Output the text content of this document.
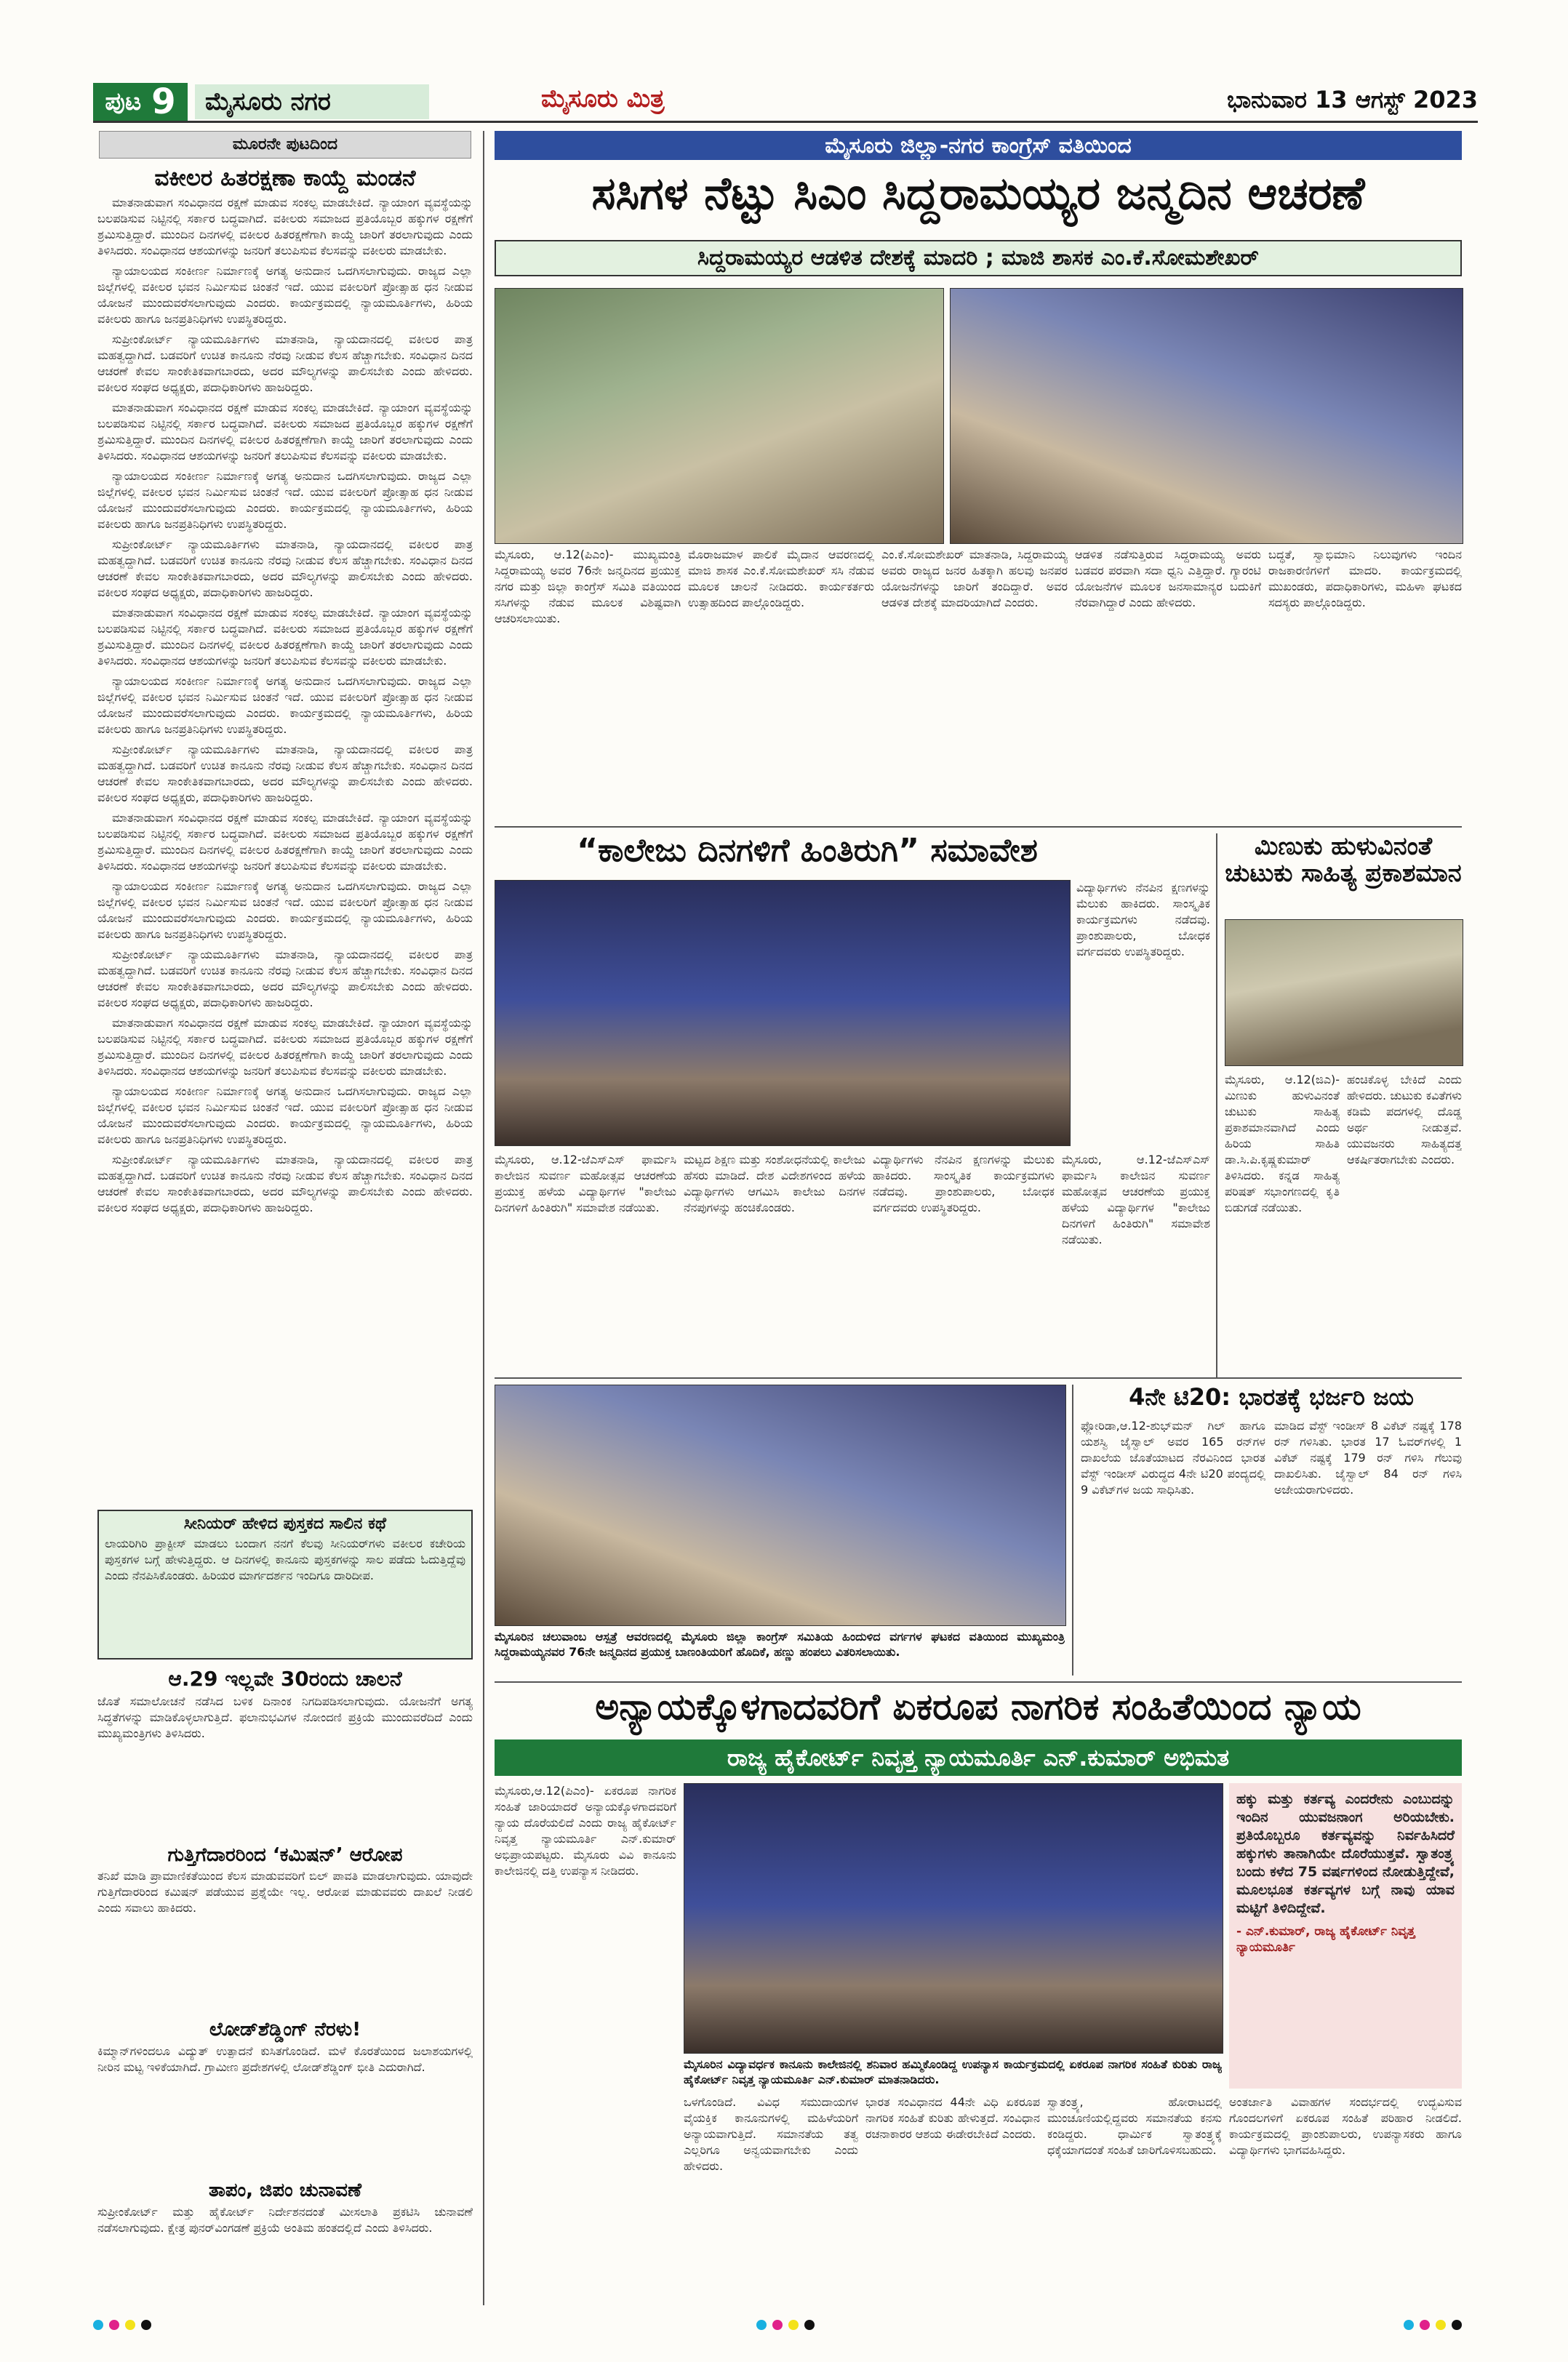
ಪುಟ 9	ಮೈಸೂರು ನಗರ	ಮೈಸೂರು ಮಿತ್ರ	ಭಾನುವಾರ 13 ಆಗಸ್ಟ್ 2023
ಮೂರನೇ ಪುಟದಿಂದ
ವಕೀಲರ ಹಿತರಕ್ಷಣಾ ಕಾಯ್ದೆ ಮಂಡನೆ

ಮಾತನಾಡುವಾಗ ಸಂವಿಧಾನದ ರಕ್ಷಣೆ ಮಾಡುವ ಸಂಕಲ್ಪ ಮಾಡಬೇಕಿದೆ. ನ್ಯಾಯಾಂಗ ವ್ಯವಸ್ಥೆಯನ್ನು ಬಲಪಡಿಸುವ ನಿಟ್ಟಿನಲ್ಲಿ ಸರ್ಕಾರ ಬದ್ಧವಾಗಿದೆ. ವಕೀಲರು ಸಮಾಜದ ಪ್ರತಿಯೊಬ್ಬರ ಹಕ್ಕುಗಳ ರಕ್ಷಣೆಗೆ ಶ್ರಮಿಸುತ್ತಿದ್ದಾರೆ. ಮುಂದಿನ ದಿನಗಳಲ್ಲಿ ವಕೀಲರ ಹಿತರಕ್ಷಣೆಗಾಗಿ ಕಾಯ್ದೆ ಜಾರಿಗೆ ತರಲಾಗುವುದು ಎಂದು ತಿಳಿಸಿದರು. ಸಂವಿಧಾನದ ಆಶಯಗಳನ್ನು ಜನರಿಗೆ ತಲುಪಿಸುವ ಕೆಲಸವನ್ನು ವಕೀಲರು ಮಾಡಬೇಕು.

ನ್ಯಾಯಾಲಯದ ಸಂಕೀರ್ಣ ನಿರ್ಮಾಣಕ್ಕೆ ಅಗತ್ಯ ಅನುದಾನ ಒದಗಿಸಲಾಗುವುದು. ರಾಜ್ಯದ ಎಲ್ಲಾ ಜಿಲ್ಲೆಗಳಲ್ಲಿ ವಕೀಲರ ಭವನ ನಿರ್ಮಿಸುವ ಚಿಂತನೆ ಇದೆ. ಯುವ ವಕೀಲರಿಗೆ ಪ್ರೋತ್ಸಾಹ ಧನ ನೀಡುವ ಯೋಜನೆ ಮುಂದುವರೆಸಲಾಗುವುದು ಎಂದರು. ಕಾರ್ಯಕ್ರಮದಲ್ಲಿ ನ್ಯಾಯಮೂರ್ತಿಗಳು, ಹಿರಿಯ ವಕೀಲರು ಹಾಗೂ ಜನಪ್ರತಿನಿಧಿಗಳು ಉಪಸ್ಥಿತರಿದ್ದರು.

ಸುಪ್ರೀಂಕೋರ್ಟ್ ನ್ಯಾಯಮೂರ್ತಿಗಳು ಮಾತನಾಡಿ, ನ್ಯಾಯದಾನದಲ್ಲಿ ವಕೀಲರ ಪಾತ್ರ ಮಹತ್ವದ್ದಾಗಿದೆ. ಬಡವರಿಗೆ ಉಚಿತ ಕಾನೂನು ನೆರವು ನೀಡುವ ಕೆಲಸ ಹೆಚ್ಚಾಗಬೇಕು. ಸಂವಿಧಾನ ದಿನದ ಆಚರಣೆ ಕೇವಲ ಸಾಂಕೇತಿಕವಾಗಬಾರದು, ಅದರ ಮೌಲ್ಯಗಳನ್ನು ಪಾಲಿಸಬೇಕು ಎಂದು ಹೇಳಿದರು. ವಕೀಲರ ಸಂಘದ ಅಧ್ಯಕ್ಷರು, ಪದಾಧಿಕಾರಿಗಳು ಹಾಜರಿದ್ದರು.

ಮಾತನಾಡುವಾಗ ಸಂವಿಧಾನದ ರಕ್ಷಣೆ ಮಾಡುವ ಸಂಕಲ್ಪ ಮಾಡಬೇಕಿದೆ. ನ್ಯಾಯಾಂಗ ವ್ಯವಸ್ಥೆಯನ್ನು ಬಲಪಡಿಸುವ ನಿಟ್ಟಿನಲ್ಲಿ ಸರ್ಕಾರ ಬದ್ಧವಾಗಿದೆ. ವಕೀಲರು ಸಮಾಜದ ಪ್ರತಿಯೊಬ್ಬರ ಹಕ್ಕುಗಳ ರಕ್ಷಣೆಗೆ ಶ್ರಮಿಸುತ್ತಿದ್ದಾರೆ. ಮುಂದಿನ ದಿನಗಳಲ್ಲಿ ವಕೀಲರ ಹಿತರಕ್ಷಣೆಗಾಗಿ ಕಾಯ್ದೆ ಜಾರಿಗೆ ತರಲಾಗುವುದು ಎಂದು ತಿಳಿಸಿದರು. ಸಂವಿಧಾನದ ಆಶಯಗಳನ್ನು ಜನರಿಗೆ ತಲುಪಿಸುವ ಕೆಲಸವನ್ನು ವಕೀಲರು ಮಾಡಬೇಕು.

ನ್ಯಾಯಾಲಯದ ಸಂಕೀರ್ಣ ನಿರ್ಮಾಣಕ್ಕೆ ಅಗತ್ಯ ಅನುದಾನ ಒದಗಿಸಲಾಗುವುದು. ರಾಜ್ಯದ ಎಲ್ಲಾ ಜಿಲ್ಲೆಗಳಲ್ಲಿ ವಕೀಲರ ಭವನ ನಿರ್ಮಿಸುವ ಚಿಂತನೆ ಇದೆ. ಯುವ ವಕೀಲರಿಗೆ ಪ್ರೋತ್ಸಾಹ ಧನ ನೀಡುವ ಯೋಜನೆ ಮುಂದುವರೆಸಲಾಗುವುದು ಎಂದರು. ಕಾರ್ಯಕ್ರಮದಲ್ಲಿ ನ್ಯಾಯಮೂರ್ತಿಗಳು, ಹಿರಿಯ ವಕೀಲರು ಹಾಗೂ ಜನಪ್ರತಿನಿಧಿಗಳು ಉಪಸ್ಥಿತರಿದ್ದರು.

ಸುಪ್ರೀಂಕೋರ್ಟ್ ನ್ಯಾಯಮೂರ್ತಿಗಳು ಮಾತನಾಡಿ, ನ್ಯಾಯದಾನದಲ್ಲಿ ವಕೀಲರ ಪಾತ್ರ ಮಹತ್ವದ್ದಾಗಿದೆ. ಬಡವರಿಗೆ ಉಚಿತ ಕಾನೂನು ನೆರವು ನೀಡುವ ಕೆಲಸ ಹೆಚ್ಚಾಗಬೇಕು. ಸಂವಿಧಾನ ದಿನದ ಆಚರಣೆ ಕೇವಲ ಸಾಂಕೇತಿಕವಾಗಬಾರದು, ಅದರ ಮೌಲ್ಯಗಳನ್ನು ಪಾಲಿಸಬೇಕು ಎಂದು ಹೇಳಿದರು. ವಕೀಲರ ಸಂಘದ ಅಧ್ಯಕ್ಷರು, ಪದಾಧಿಕಾರಿಗಳು ಹಾಜರಿದ್ದರು.

ಮಾತನಾಡುವಾಗ ಸಂವಿಧಾನದ ರಕ್ಷಣೆ ಮಾಡುವ ಸಂಕಲ್ಪ ಮಾಡಬೇಕಿದೆ. ನ್ಯಾಯಾಂಗ ವ್ಯವಸ್ಥೆಯನ್ನು ಬಲಪಡಿಸುವ ನಿಟ್ಟಿನಲ್ಲಿ ಸರ್ಕಾರ ಬದ್ಧವಾಗಿದೆ. ವಕೀಲರು ಸಮಾಜದ ಪ್ರತಿಯೊಬ್ಬರ ಹಕ್ಕುಗಳ ರಕ್ಷಣೆಗೆ ಶ್ರಮಿಸುತ್ತಿದ್ದಾರೆ. ಮುಂದಿನ ದಿನಗಳಲ್ಲಿ ವಕೀಲರ ಹಿತರಕ್ಷಣೆಗಾಗಿ ಕಾಯ್ದೆ ಜಾರಿಗೆ ತರಲಾಗುವುದು ಎಂದು ತಿಳಿಸಿದರು. ಸಂವಿಧಾನದ ಆಶಯಗಳನ್ನು ಜನರಿಗೆ ತಲುಪಿಸುವ ಕೆಲಸವನ್ನು ವಕೀಲರು ಮಾಡಬೇಕು.

ನ್ಯಾಯಾಲಯದ ಸಂಕೀರ್ಣ ನಿರ್ಮಾಣಕ್ಕೆ ಅಗತ್ಯ ಅನುದಾನ ಒದಗಿಸಲಾಗುವುದು. ರಾಜ್ಯದ ಎಲ್ಲಾ ಜಿಲ್ಲೆಗಳಲ್ಲಿ ವಕೀಲರ ಭವನ ನಿರ್ಮಿಸುವ ಚಿಂತನೆ ಇದೆ. ಯುವ ವಕೀಲರಿಗೆ ಪ್ರೋತ್ಸಾಹ ಧನ ನೀಡುವ ಯೋಜನೆ ಮುಂದುವರೆಸಲಾಗುವುದು ಎಂದರು. ಕಾರ್ಯಕ್ರಮದಲ್ಲಿ ನ್ಯಾಯಮೂರ್ತಿಗಳು, ಹಿರಿಯ ವಕೀಲರು ಹಾಗೂ ಜನಪ್ರತಿನಿಧಿಗಳು ಉಪಸ್ಥಿತರಿದ್ದರು.

ಸುಪ್ರೀಂಕೋರ್ಟ್ ನ್ಯಾಯಮೂರ್ತಿಗಳು ಮಾತನಾಡಿ, ನ್ಯಾಯದಾನದಲ್ಲಿ ವಕೀಲರ ಪಾತ್ರ ಮಹತ್ವದ್ದಾಗಿದೆ. ಬಡವರಿಗೆ ಉಚಿತ ಕಾನೂನು ನೆರವು ನೀಡುವ ಕೆಲಸ ಹೆಚ್ಚಾಗಬೇಕು. ಸಂವಿಧಾನ ದಿನದ ಆಚರಣೆ ಕೇವಲ ಸಾಂಕೇತಿಕವಾಗಬಾರದು, ಅದರ ಮೌಲ್ಯಗಳನ್ನು ಪಾಲಿಸಬೇಕು ಎಂದು ಹೇಳಿದರು. ವಕೀಲರ ಸಂಘದ ಅಧ್ಯಕ್ಷರು, ಪದಾಧಿಕಾರಿಗಳು ಹಾಜರಿದ್ದರು.

ಮಾತನಾಡುವಾಗ ಸಂವಿಧಾನದ ರಕ್ಷಣೆ ಮಾಡುವ ಸಂಕಲ್ಪ ಮಾಡಬೇಕಿದೆ. ನ್ಯಾಯಾಂಗ ವ್ಯವಸ್ಥೆಯನ್ನು ಬಲಪಡಿಸುವ ನಿಟ್ಟಿನಲ್ಲಿ ಸರ್ಕಾರ ಬದ್ಧವಾಗಿದೆ. ವಕೀಲರು ಸಮಾಜದ ಪ್ರತಿಯೊಬ್ಬರ ಹಕ್ಕುಗಳ ರಕ್ಷಣೆಗೆ ಶ್ರಮಿಸುತ್ತಿದ್ದಾರೆ. ಮುಂದಿನ ದಿನಗಳಲ್ಲಿ ವಕೀಲರ ಹಿತರಕ್ಷಣೆಗಾಗಿ ಕಾಯ್ದೆ ಜಾರಿಗೆ ತರಲಾಗುವುದು ಎಂದು ತಿಳಿಸಿದರು. ಸಂವಿಧಾನದ ಆಶಯಗಳನ್ನು ಜನರಿಗೆ ತಲುಪಿಸುವ ಕೆಲಸವನ್ನು ವಕೀಲರು ಮಾಡಬೇಕು.

ನ್ಯಾಯಾಲಯದ ಸಂಕೀರ್ಣ ನಿರ್ಮಾಣಕ್ಕೆ ಅಗತ್ಯ ಅನುದಾನ ಒದಗಿಸಲಾಗುವುದು. ರಾಜ್ಯದ ಎಲ್ಲಾ ಜಿಲ್ಲೆಗಳಲ್ಲಿ ವಕೀಲರ ಭವನ ನಿರ್ಮಿಸುವ ಚಿಂತನೆ ಇದೆ. ಯುವ ವಕೀಲರಿಗೆ ಪ್ರೋತ್ಸಾಹ ಧನ ನೀಡುವ ಯೋಜನೆ ಮುಂದುವರೆಸಲಾಗುವುದು ಎಂದರು. ಕಾರ್ಯಕ್ರಮದಲ್ಲಿ ನ್ಯಾಯಮೂರ್ತಿಗಳು, ಹಿರಿಯ ವಕೀಲರು ಹಾಗೂ ಜನಪ್ರತಿನಿಧಿಗಳು ಉಪಸ್ಥಿತರಿದ್ದರು.

ಸುಪ್ರೀಂಕೋರ್ಟ್ ನ್ಯಾಯಮೂರ್ತಿಗಳು ಮಾತನಾಡಿ, ನ್ಯಾಯದಾನದಲ್ಲಿ ವಕೀಲರ ಪಾತ್ರ ಮಹತ್ವದ್ದಾಗಿದೆ. ಬಡವರಿಗೆ ಉಚಿತ ಕಾನೂನು ನೆರವು ನೀಡುವ ಕೆಲಸ ಹೆಚ್ಚಾಗಬೇಕು. ಸಂವಿಧಾನ ದಿನದ ಆಚರಣೆ ಕೇವಲ ಸಾಂಕೇತಿಕವಾಗಬಾರದು, ಅದರ ಮೌಲ್ಯಗಳನ್ನು ಪಾಲಿಸಬೇಕು ಎಂದು ಹೇಳಿದರು. ವಕೀಲರ ಸಂಘದ ಅಧ್ಯಕ್ಷರು, ಪದಾಧಿಕಾರಿಗಳು ಹಾಜರಿದ್ದರು.

ಮಾತನಾಡುವಾಗ ಸಂವಿಧಾನದ ರಕ್ಷಣೆ ಮಾಡುವ ಸಂಕಲ್ಪ ಮಾಡಬೇಕಿದೆ. ನ್ಯಾಯಾಂಗ ವ್ಯವಸ್ಥೆಯನ್ನು ಬಲಪಡಿಸುವ ನಿಟ್ಟಿನಲ್ಲಿ ಸರ್ಕಾರ ಬದ್ಧವಾಗಿದೆ. ವಕೀಲರು ಸಮಾಜದ ಪ್ರತಿಯೊಬ್ಬರ ಹಕ್ಕುಗಳ ರಕ್ಷಣೆಗೆ ಶ್ರಮಿಸುತ್ತಿದ್ದಾರೆ. ಮುಂದಿನ ದಿನಗಳಲ್ಲಿ ವಕೀಲರ ಹಿತರಕ್ಷಣೆಗಾಗಿ ಕಾಯ್ದೆ ಜಾರಿಗೆ ತರಲಾಗುವುದು ಎಂದು ತಿಳಿಸಿದರು. ಸಂವಿಧಾನದ ಆಶಯಗಳನ್ನು ಜನರಿಗೆ ತಲುಪಿಸುವ ಕೆಲಸವನ್ನು ವಕೀಲರು ಮಾಡಬೇಕು.

ನ್ಯಾಯಾಲಯದ ಸಂಕೀರ್ಣ ನಿರ್ಮಾಣಕ್ಕೆ ಅಗತ್ಯ ಅನುದಾನ ಒದಗಿಸಲಾಗುವುದು. ರಾಜ್ಯದ ಎಲ್ಲಾ ಜಿಲ್ಲೆಗಳಲ್ಲಿ ವಕೀಲರ ಭವನ ನಿರ್ಮಿಸುವ ಚಿಂತನೆ ಇದೆ. ಯುವ ವಕೀಲರಿಗೆ ಪ್ರೋತ್ಸಾಹ ಧನ ನೀಡುವ ಯೋಜನೆ ಮುಂದುವರೆಸಲಾಗುವುದು ಎಂದರು. ಕಾರ್ಯಕ್ರಮದಲ್ಲಿ ನ್ಯಾಯಮೂರ್ತಿಗಳು, ಹಿರಿಯ ವಕೀಲರು ಹಾಗೂ ಜನಪ್ರತಿನಿಧಿಗಳು ಉಪಸ್ಥಿತರಿದ್ದರು.

ಸುಪ್ರೀಂಕೋರ್ಟ್ ನ್ಯಾಯಮೂರ್ತಿಗಳು ಮಾತನಾಡಿ, ನ್ಯಾಯದಾನದಲ್ಲಿ ವಕೀಲರ ಪಾತ್ರ ಮಹತ್ವದ್ದಾಗಿದೆ. ಬಡವರಿಗೆ ಉಚಿತ ಕಾನೂನು ನೆರವು ನೀಡುವ ಕೆಲಸ ಹೆಚ್ಚಾಗಬೇಕು. ಸಂವಿಧಾನ ದಿನದ ಆಚರಣೆ ಕೇವಲ ಸಾಂಕೇತಿಕವಾಗಬಾರದು, ಅದರ ಮೌಲ್ಯಗಳನ್ನು ಪಾಲಿಸಬೇಕು ಎಂದು ಹೇಳಿದರು. ವಕೀಲರ ಸಂಘದ ಅಧ್ಯಕ್ಷರು, ಪದಾಧಿಕಾರಿಗಳು ಹಾಜರಿದ್ದರು.

ಸೀನಿಯರ್ ಹೇಳಿದ ಪುಸ್ತಕದ ಸಾಲಿನ ಕಥೆ
ಲಾಯರಿಗಿರಿ ಪ್ರಾಕ್ಟೀಸ್ ಮಾಡಲು ಬಂದಾಗ ನನಗೆ ಕೆಲವು ಸೀನಿಯರ್‌ಗಳು ವಕೀಲರ ಕಚೇರಿಯ ಪುಸ್ತಕಗಳ ಬಗ್ಗೆ ಹೇಳುತ್ತಿದ್ದರು. ಆ ದಿನಗಳಲ್ಲಿ ಕಾನೂನು ಪುಸ್ತಕಗಳನ್ನು ಸಾಲ ಪಡೆದು ಓದುತ್ತಿದ್ದೆವು ಎಂದು ನೆನಪಿಸಿಕೊಂಡರು. ಹಿರಿಯರ ಮಾರ್ಗದರ್ಶನ ಇಂದಿಗೂ ದಾರಿದೀಪ.
ಆ.29 ಇಲ್ಲವೇ 30ರಂದು ಚಾಲನೆ
ಜೊತೆ ಸಮಾಲೋಚನೆ ನಡೆಸಿದ ಬಳಿಕ ದಿನಾಂಕ ನಿಗದಿಪಡಿಸಲಾಗುವುದು. ಯೋಜನೆಗೆ ಅಗತ್ಯ ಸಿದ್ಧತೆಗಳನ್ನು ಮಾಡಿಕೊಳ್ಳಲಾಗುತ್ತಿದೆ. ಫಲಾನುಭವಿಗಳ ನೋಂದಣಿ ಪ್ರಕ್ರಿಯೆ ಮುಂದುವರೆದಿದೆ ಎಂದು ಮುಖ್ಯಮಂತ್ರಿಗಳು ತಿಳಿಸಿದರು.
ಗುತ್ತಿಗೆದಾರರಿಂದ ‘ಕಮಿಷನ್’ ಆರೋಪ
ತನಿಖೆ ಮಾಡಿ ಪ್ರಾಮಾಣಿಕತೆಯಿಂದ ಕೆಲಸ ಮಾಡುವವರಿಗೆ ಬಿಲ್ ಪಾವತಿ ಮಾಡಲಾಗುವುದು. ಯಾವುದೇ ಗುತ್ತಿಗೆದಾರರಿಂದ ಕಮಿಷನ್ ಪಡೆಯುವ ಪ್ರಶ್ನೆಯೇ ಇಲ್ಲ. ಆರೋಪ ಮಾಡುವವರು ದಾಖಲೆ ನೀಡಲಿ ಎಂದು ಸವಾಲು ಹಾಕಿದರು.
ಲೋಡ್‌ಶೆಡ್ಡಿಂಗ್ ನೆರಳು!
ಕಿಮ್ಮಾನ್‌ಗಳಿಂದಲೂ ವಿದ್ಯುತ್ ಉತ್ಪಾದನೆ ಕುಸಿತಗೊಂಡಿದೆ. ಮಳೆ ಕೊರತೆಯಿಂದ ಜಲಾಶಯಗಳಲ್ಲಿ ನೀರಿನ ಮಟ್ಟ ಇಳಿಕೆಯಾಗಿದೆ. ಗ್ರಾಮೀಣ ಪ್ರದೇಶಗಳಲ್ಲಿ ಲೋಡ್‌ಶೆಡ್ಡಿಂಗ್ ಭೀತಿ ಎದುರಾಗಿದೆ.
ತಾಪಂ, ಜಿಪಂ ಚುನಾವಣೆ
ಸುಪ್ರೀಂಕೋರ್ಟ್ ಮತ್ತು ಹೈಕೋರ್ಟ್ ನಿರ್ದೇಶನದಂತೆ ಮೀಸಲಾತಿ ಪ್ರಕಟಿಸಿ ಚುನಾವಣೆ ನಡೆಸಲಾಗುವುದು. ಕ್ಷೇತ್ರ ಪುನರ್‌ವಿಂಗಡಣೆ ಪ್ರಕ್ರಿಯೆ ಅಂತಿಮ ಹಂತದಲ್ಲಿದೆ ಎಂದು ತಿಳಿಸಿದರು.
ಮೈಸೂರು ಜಿಲ್ಲಾ-ನಗರ ಕಾಂಗ್ರೆಸ್ ವತಿಯಿಂದ
ಸಸಿಗಳ ನೆಟ್ಟು ಸಿಎಂ ಸಿದ್ದರಾಮಯ್ಯರ ಜನ್ಮದಿನ ಆಚರಣೆ
ಸಿದ್ದರಾಮಯ್ಯರ ಆಡಳಿತ ದೇಶಕ್ಕೆ ಮಾದರಿ ; ಮಾಜಿ ಶಾಸಕ ಎಂ.ಕೆ.ಸೋಮಶೇಖರ್
ಮೈಸೂರು, ಆ.12(ಪಿಎಂ)- ಮುಖ್ಯಮಂತ್ರಿ ಸಿದ್ದರಾಮಯ್ಯ ಅವರ 76ನೇ ಜನ್ಮದಿನದ ಪ್ರಯುಕ್ತ ನಗರ ಮತ್ತು ಜಿಲ್ಲಾ ಕಾಂಗ್ರೆಸ್ ಸಮಿತಿ ವತಿಯಿಂದ ಸಸಿಗಳನ್ನು ನೆಡುವ ಮೂಲಕ ವಿಶಿಷ್ಟವಾಗಿ ಆಚರಿಸಲಾಯಿತು.
ಮೊರಾಜಮಾಳ ಪಾಲಿಕೆ ಮೈದಾನ ಆವರಣದಲ್ಲಿ ಮಾಜಿ ಶಾಸಕ ಎಂ.ಕೆ.ಸೋಮಶೇಖರ್ ಸಸಿ ನೆಡುವ ಮೂಲಕ ಚಾಲನೆ ನೀಡಿದರು. ಕಾರ್ಯಕರ್ತರು ಉತ್ಸಾಹದಿಂದ ಪಾಲ್ಗೊಂಡಿದ್ದರು.
ಎಂ.ಕೆ.ಸೋಮಶೇಖರ್ ಮಾತನಾಡಿ, ಸಿದ್ದರಾಮಯ್ಯ ಅವರು ರಾಜ್ಯದ ಜನರ ಹಿತಕ್ಕಾಗಿ ಹಲವು ಜನಪರ ಯೋಜನೆಗಳನ್ನು ಜಾರಿಗೆ ತಂದಿದ್ದಾರೆ. ಅವರ ಆಡಳಿತ ದೇಶಕ್ಕೆ ಮಾದರಿಯಾಗಿದೆ ಎಂದರು.
ಆಡಳಿತ ನಡೆಸುತ್ತಿರುವ ಸಿದ್ದರಾಮಯ್ಯ ಅವರು ಬಡವರ ಪರವಾಗಿ ಸದಾ ಧ್ವನಿ ಎತ್ತಿದ್ದಾರೆ. ಗ್ಯಾರಂಟಿ ಯೋಜನೆಗಳ ಮೂಲಕ ಜನಸಾಮಾನ್ಯರ ಬದುಕಿಗೆ ನೆರವಾಗಿದ್ದಾರೆ ಎಂದು ಹೇಳಿದರು.
ಬದ್ಧತೆ, ಸ್ವಾಭಿಮಾನಿ ನಿಲುವುಗಳು ಇಂದಿನ ರಾಜಕಾರಣಿಗಳಿಗೆ ಮಾದರಿ. ಕಾರ್ಯಕ್ರಮದಲ್ಲಿ ಮುಖಂಡರು, ಪದಾಧಿಕಾರಿಗಳು, ಮಹಿಳಾ ಘಟಕದ ಸದಸ್ಯರು ಪಾಲ್ಗೊಂಡಿದ್ದರು.
“ಕಾಲೇಜು ದಿನಗಳಿಗೆ ಹಿಂತಿರುಗಿ” ಸಮಾವೇಶ
ವಿದ್ಯಾರ್ಥಿಗಳು ನೆನಪಿನ ಕ್ಷಣಗಳನ್ನು ಮೆಲುಕು ಹಾಕಿದರು. ಸಾಂಸ್ಕೃತಿಕ ಕಾರ್ಯಕ್ರಮಗಳು ನಡೆದವು. ಪ್ರಾಂಶುಪಾಲರು, ಬೋಧಕ ವರ್ಗದವರು ಉಪಸ್ಥಿತರಿದ್ದರು.
ಮೈಸೂರು, ಆ.12-ಜೆಎಸ್‌ಎಸ್ ಫಾರ್ಮಸಿ ಕಾಲೇಜಿನ ಸುವರ್ಣ ಮಹೋತ್ಸವ ಆಚರಣೆಯ ಪ್ರಯುಕ್ತ ಹಳೆಯ ವಿದ್ಯಾರ್ಥಿಗಳ "ಕಾಲೇಜು ದಿನಗಳಿಗೆ ಹಿಂತಿರುಗಿ" ಸಮಾವೇಶ ನಡೆಯಿತು.
ಮಟ್ಟದ ಶಿಕ್ಷಣ ಮತ್ತು ಸಂಶೋಧನೆಯಲ್ಲಿ ಕಾಲೇಜು ಹೆಸರು ಮಾಡಿದೆ. ದೇಶ ವಿದೇಶಗಳಿಂದ ಹಳೆಯ ವಿದ್ಯಾರ್ಥಿಗಳು ಆಗಮಿಸಿ ಕಾಲೇಜು ದಿನಗಳ ನೆನಪುಗಳನ್ನು ಹಂಚಿಕೊಂಡರು.
ವಿದ್ಯಾರ್ಥಿಗಳು ನೆನಪಿನ ಕ್ಷಣಗಳನ್ನು ಮೆಲುಕು ಹಾಕಿದರು. ಸಾಂಸ್ಕೃತಿಕ ಕಾರ್ಯಕ್ರಮಗಳು ನಡೆದವು. ಪ್ರಾಂಶುಪಾಲರು, ಬೋಧಕ ವರ್ಗದವರು ಉಪಸ್ಥಿತರಿದ್ದರು.
ಮೈಸೂರು, ಆ.12-ಜೆಎಸ್‌ಎಸ್ ಫಾರ್ಮಸಿ ಕಾಲೇಜಿನ ಸುವರ್ಣ ಮಹೋತ್ಸವ ಆಚರಣೆಯ ಪ್ರಯುಕ್ತ ಹಳೆಯ ವಿದ್ಯಾರ್ಥಿಗಳ "ಕಾಲೇಜು ದಿನಗಳಿಗೆ ಹಿಂತಿರುಗಿ" ಸಮಾವೇಶ ನಡೆಯಿತು.
ಮಿಣುಕು ಹುಳುವಿನಂತೆ ಚುಟುಕು ಸಾಹಿತ್ಯ ಪ್ರಕಾಶಮಾನ
ಮೈಸೂರು, ಆ.12(ಜಿಎ)-ಮಿಣುಕು ಹುಳುವಿನಂತೆ ಚುಟುಕು ಸಾಹಿತ್ಯ ಪ್ರಕಾಶಮಾನವಾಗಿದೆ ಎಂದು ಹಿರಿಯ ಸಾಹಿತಿ ಡಾ.ಸಿ.ಪಿ.ಕೃಷ್ಣಕುಮಾರ್ ತಿಳಿಸಿದರು. ಕನ್ನಡ ಸಾಹಿತ್ಯ ಪರಿಷತ್ ಸಭಾಂಗಣದಲ್ಲಿ ಕೃತಿ ಬಿಡುಗಡೆ ನಡೆಯಿತು.
ಹಂಚಿಕೊಳ್ಳ ಬೇಕಿದೆ ಎಂದು ಹೇಳಿದರು. ಚುಟುಕು ಕವಿತೆಗಳು ಕಡಿಮೆ ಪದಗಳಲ್ಲಿ ದೊಡ್ಡ ಅರ್ಥ ನೀಡುತ್ತವೆ. ಯುವಜನರು ಸಾಹಿತ್ಯದತ್ತ ಆಕರ್ಷಿತರಾಗಬೇಕು ಎಂದರು.
ಮೈಸೂರಿನ ಚಲುವಾಂಬ ಆಸ್ಪತ್ರೆ ಆವರಣದಲ್ಲಿ ಮೈಸೂರು ಜಿಲ್ಲಾ ಕಾಂಗ್ರೆಸ್ ಸಮಿತಿಯ ಹಿಂದುಳಿದ ವರ್ಗಗಳ ಘಟಕದ ವತಿಯಿಂದ ಮುಖ್ಯಮಂತ್ರಿ ಸಿದ್ದರಾಮಯ್ಯನವರ 76ನೇ ಜನ್ಮದಿನದ ಪ್ರಯುಕ್ತ ಬಾಣಂತಿಯರಿಗೆ ಹೊದಿಕೆ, ಹಣ್ಣು ಹಂಪಲು ವಿತರಿಸಲಾಯಿತು.
4ನೇ ಟಿ20: ಭಾರತಕ್ಕೆ ಭರ್ಜರಿ ಜಯ
ಫ್ಲೋರಿಡಾ,ಆ.12-ಶುಭ್‌ಮನ್ ಗಿಲ್ ಹಾಗೂ ಯಶಸ್ವಿ ಜೈಸ್ವಾಲ್ ಅವರ 165 ರನ್‌ಗಳ ದಾಖಲೆಯ ಜೊತೆಯಾಟದ ನೆರವಿನಿಂದ ಭಾರತ ವೆಸ್ಟ್ ಇಂಡೀಸ್ ವಿರುದ್ಧದ 4ನೇ ಟಿ20 ಪಂದ್ಯದಲ್ಲಿ 9 ವಿಕೆಟ್‌ಗಳ ಜಯ ಸಾಧಿಸಿತು.
ಮಾಡಿದ ವೆಸ್ಟ್ ಇಂಡೀಸ್ 8 ವಿಕೆಟ್ ನಷ್ಟಕ್ಕೆ 178 ರನ್ ಗಳಿಸಿತು. ಭಾರತ 17 ಓವರ್‌ಗಳಲ್ಲಿ 1 ವಿಕೆಟ್ ನಷ್ಟಕ್ಕೆ 179 ರನ್ ಗಳಿಸಿ ಗೆಲುವು ದಾಖಲಿಸಿತು. ಜೈಸ್ವಾಲ್ 84 ರನ್ ಗಳಿಸಿ ಅಜೇಯರಾಗುಳಿದರು.
ಅನ್ಯಾಯಕ್ಕೊಳಗಾದವರಿಗೆ ಏಕರೂಪ ನಾಗರಿಕ ಸಂಹಿತೆಯಿಂದ ನ್ಯಾಯ
ರಾಜ್ಯ ಹೈಕೋರ್ಟ್ ನಿವೃತ್ತ ನ್ಯಾಯಮೂರ್ತಿ ಎನ್.ಕುಮಾರ್ ಅಭಿಮತ
ಮೈಸೂರು,ಆ.12(ಪಿಎಂ)- ಏಕರೂಪ ನಾಗರಿಕ ಸಂಹಿತೆ ಜಾರಿಯಾದರೆ ಅನ್ಯಾಯಕ್ಕೊಳಗಾದವರಿಗೆ ನ್ಯಾಯ ದೊರೆಯಲಿದೆ ಎಂದು ರಾಜ್ಯ ಹೈಕೋರ್ಟ್ ನಿವೃತ್ತ ನ್ಯಾಯಮೂರ್ತಿ ಎನ್.ಕುಮಾರ್ ಅಭಿಪ್ರಾಯಪಟ್ಟರು. ಮೈಸೂರು ವಿವಿ ಕಾನೂನು ಕಾಲೇಜಿನಲ್ಲಿ ದತ್ತಿ ಉಪನ್ಯಾಸ ನೀಡಿದರು.
ಮೈಸೂರಿನ ವಿದ್ಯಾವರ್ಧಕ ಕಾನೂನು ಕಾಲೇಜಿನಲ್ಲಿ ಶನಿವಾರ ಹಮ್ಮಿಕೊಂಡಿದ್ದ ಉಪನ್ಯಾಸ ಕಾರ್ಯಕ್ರಮದಲ್ಲಿ ಏಕರೂಪ ನಾಗರಿಕ ಸಂಹಿತೆ ಕುರಿತು ರಾಜ್ಯ ಹೈಕೋರ್ಟ್ ನಿವೃತ್ತ ನ್ಯಾಯಮೂರ್ತಿ ಎನ್.ಕುಮಾರ್ ಮಾತನಾಡಿದರು.
ಒಳಗೊಂಡಿದೆ. ವಿವಿಧ ಸಮುದಾಯಗಳ ವೈಯಕ್ತಿಕ ಕಾನೂನುಗಳಲ್ಲಿ ಮಹಿಳೆಯರಿಗೆ ಅನ್ಯಾಯವಾಗುತ್ತಿದೆ. ಸಮಾನತೆಯ ತತ್ವ ಎಲ್ಲರಿಗೂ ಅನ್ವಯವಾಗಬೇಕು ಎಂದು ಹೇಳಿದರು.
ಭಾರತ ಸಂವಿಧಾನದ 44ನೇ ವಿಧಿ ಏಕರೂಪ ನಾಗರಿಕ ಸಂಹಿತೆ ಕುರಿತು ಹೇಳುತ್ತದೆ. ಸಂವಿಧಾನ ರಚನಾಕಾರರ ಆಶಯ ಈಡೇರಬೇಕಿದೆ ಎಂದರು.
ಸ್ವಾತಂತ್ರ್ಯ, ಹೋರಾಟದಲ್ಲಿ ಮುಂಚೂಣಿಯಲ್ಲಿದ್ದವರು ಸಮಾನತೆಯ ಕನಸು ಕಂಡಿದ್ದರು. ಧಾರ್ಮಿಕ ಸ್ವಾತಂತ್ರ್ಯಕ್ಕೆ ಧಕ್ಕೆಯಾಗದಂತೆ ಸಂಹಿತೆ ಜಾರಿಗೊಳಿಸಬಹುದು.
ಹಕ್ಕು ಮತ್ತು ಕರ್ತವ್ಯ ಎಂದರೇನು ಎಂಬುದನ್ನು ಇಂದಿನ ಯುವಜನಾಂಗ ಅರಿಯಬೇಕು. ಪ್ರತಿಯೊಬ್ಬರೂ ಕರ್ತವ್ಯವನ್ನು ನಿರ್ವಹಿಸಿದರೆ ಹಕ್ಕುಗಳು ತಾನಾಗಿಯೇ ದೊರೆಯುತ್ತವೆ. ಸ್ವಾತಂತ್ರ್ಯ ಬಂದು ಕಳೆದ 75 ವರ್ಷಗಳಿಂದ ನೋಡುತ್ತಿದ್ದೇವೆ, ಮೂಲಭೂತ ಕರ್ತವ್ಯಗಳ ಬಗ್ಗೆ ನಾವು ಯಾವ ಮಟ್ಟಿಗೆ ತಿಳಿದಿದ್ದೇವೆ.
- ಎನ್.ಕುಮಾರ್, ರಾಜ್ಯ ಹೈಕೋರ್ಟ್ ನಿವೃತ್ತ ನ್ಯಾಯಮೂರ್ತಿ
ಅಂತರ್ಜಾತಿ ವಿವಾಹಗಳ ಸಂದರ್ಭದಲ್ಲಿ ಉದ್ಭವಿಸುವ ಗೊಂದಲಗಳಿಗೆ ಏಕರೂಪ ಸಂಹಿತೆ ಪರಿಹಾರ ನೀಡಲಿದೆ. ಕಾರ್ಯಕ್ರಮದಲ್ಲಿ ಪ್ರಾಂಶುಪಾಲರು, ಉಪನ್ಯಾಸಕರು ಹಾಗೂ ವಿದ್ಯಾರ್ಥಿಗಳು ಭಾಗವಹಿಸಿದ್ದರು.
